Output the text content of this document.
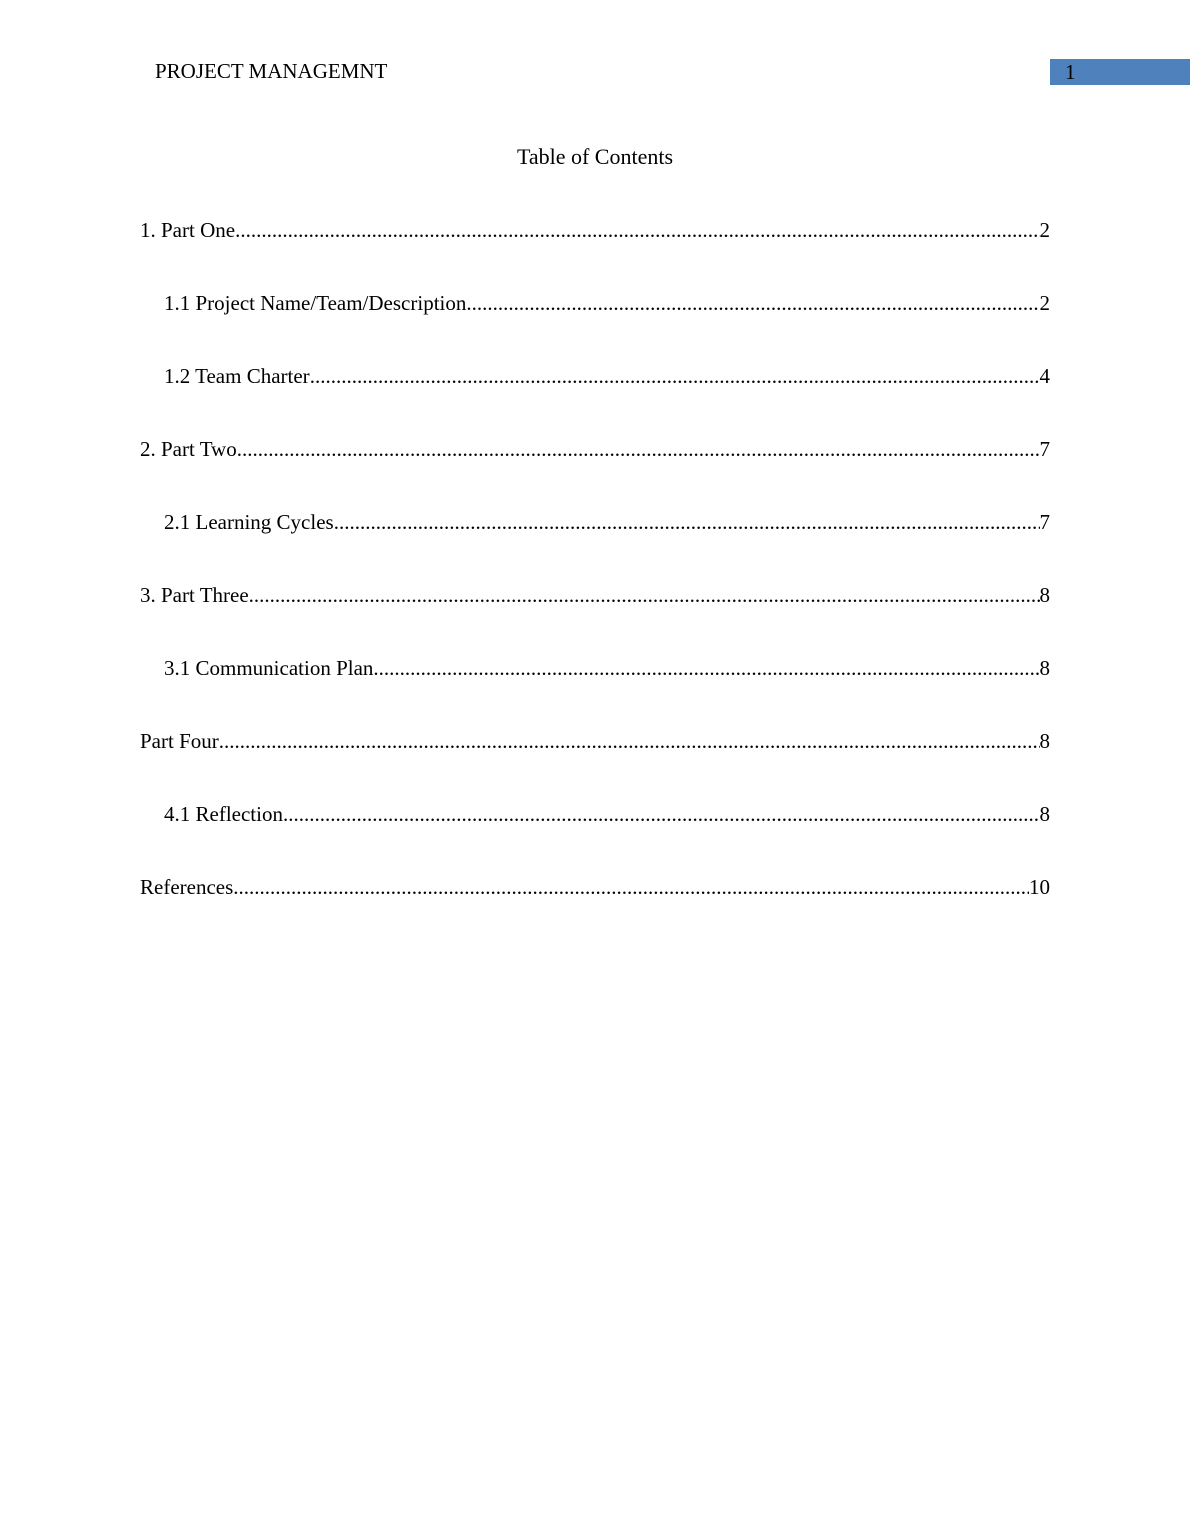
PROJECT MANAGEMNT	1
Table of Contents
1. Part One .....	2
1.1 Project Name/Team/Description .....	2
1.2 Team Charter .....	4
2. Part Two .....	7
2.1 Learning Cycles .....	7
3. Part Three .....	8
3.1 Communication Plan .....	8
Part Four .....	8
4.1 Reflection .....	8
References .....	10
